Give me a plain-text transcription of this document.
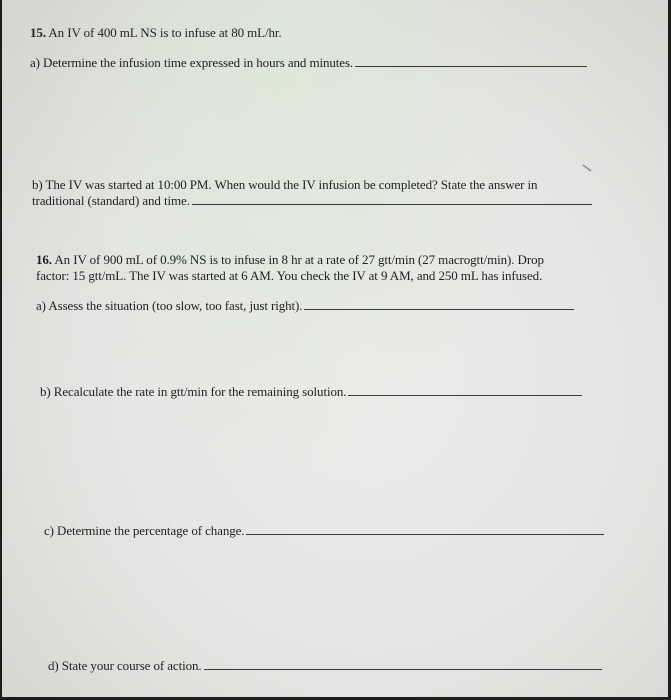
15. An IV of 400 mL NS is to infuse at 80 mL/hr.

a) Determine the infusion time expressed in hours and minutes.

b) The IV was started at 10:00 PM. When would the IV infusion be completed? State the answer in
traditional (standard) and time.

16. An IV of 900 mL of 0.9% NS is to infuse in 8 hr at a rate of 27 gtt/min (27 macrogtt/min). Drop
factor: 15 gtt/mL. The IV was started at 6 AM. You check the IV at 9 AM, and 250 mL has infused.

a) Assess the situation (too slow, too fast, just right).

b) Recalculate the rate in gtt/min for the remaining solution.

c) Determine the percentage of change.

d) State your course of action.
